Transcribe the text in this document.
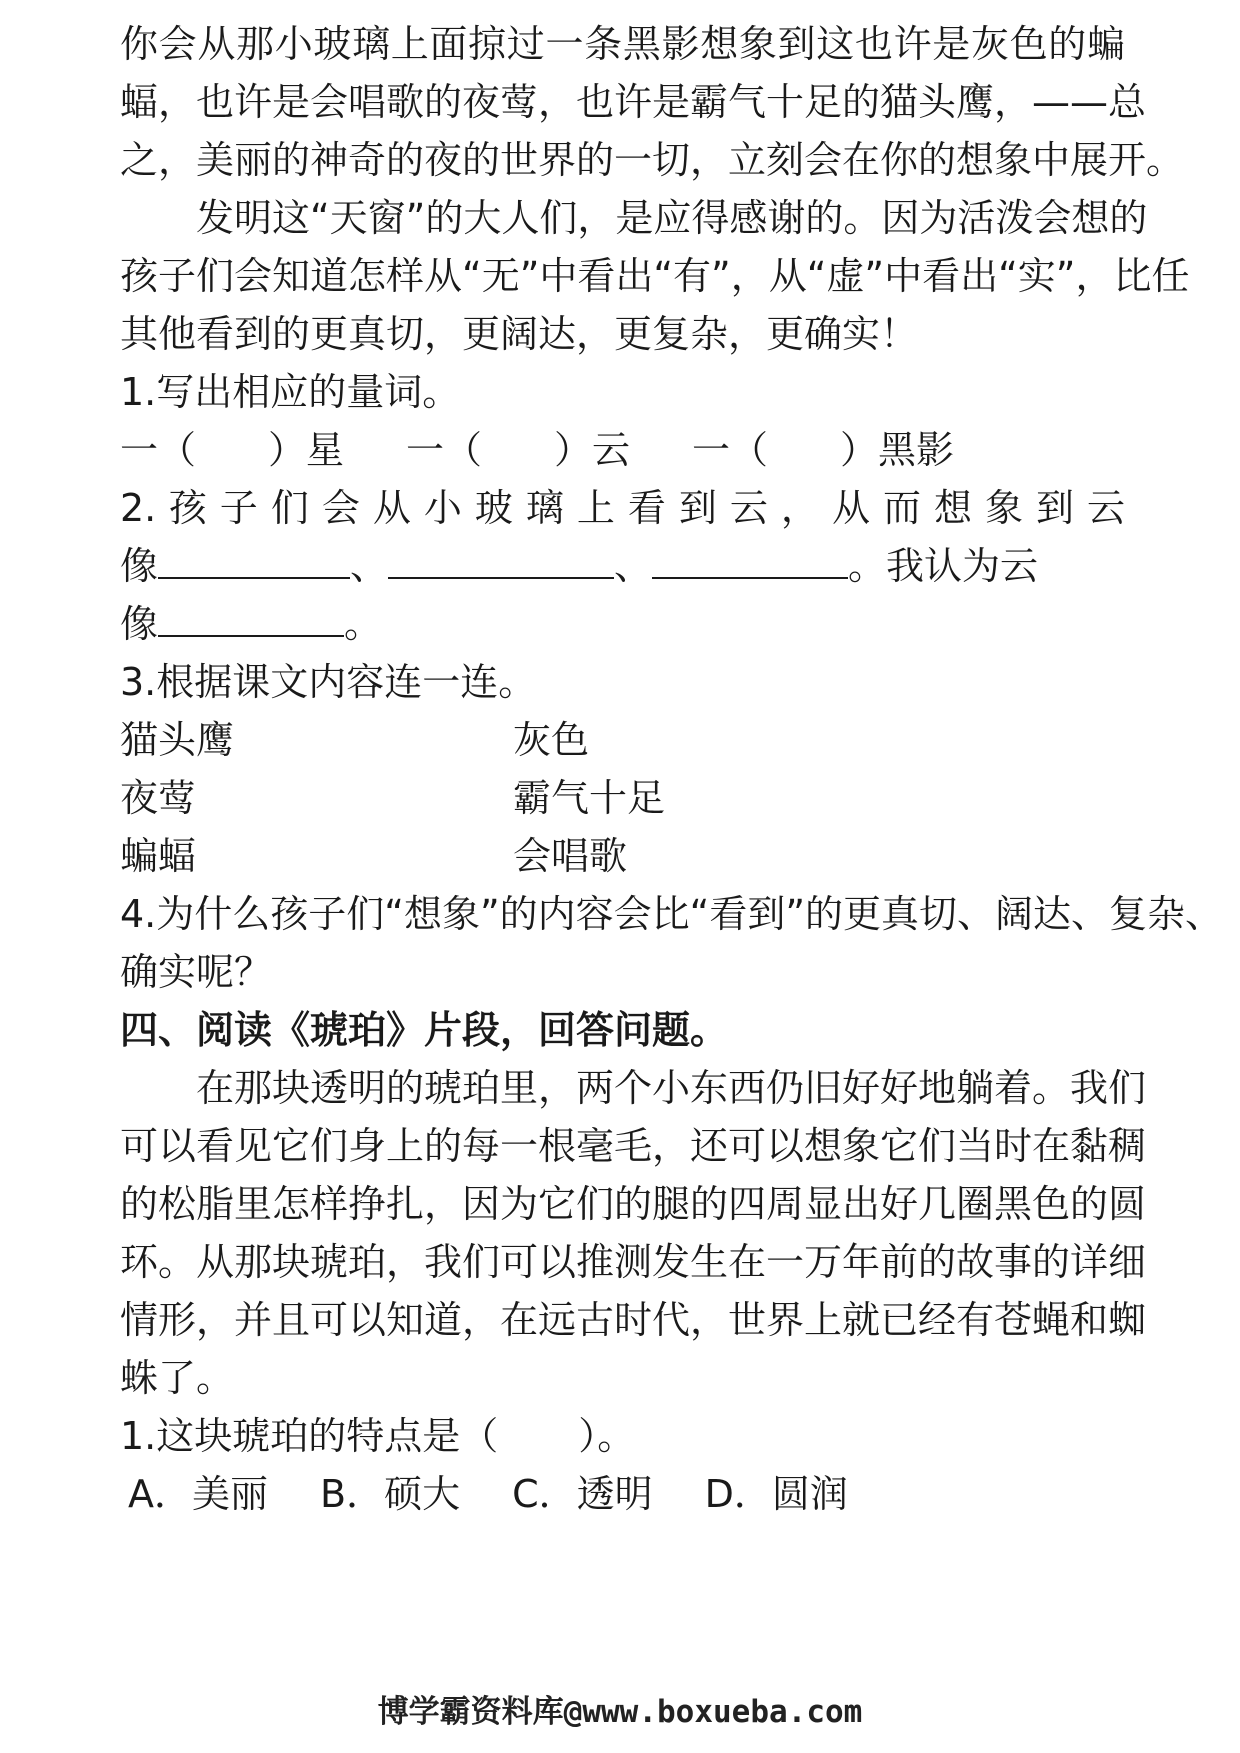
你会从那小玻璃上面掠过一条黑影想象到这也许是灰色的蝙
蝠，也许是会唱歌的夜莺，也许是霸气十足的猫头鹰，——总
之，美丽的神奇的夜的世界的一切，立刻会在你的想象中展开。
发明这“天窗”的大人们，是应得感谢的。因为活泼会想的
孩子们会知道怎样从“无”中看出“有”，从“虚”中看出“实”，比任
其他看到的更真切，更阔达，更复杂，更确实！
1.写出相应的量词。
一（ ）星 一（ ）云 一（ ）黑影
2. 孩 子 们 会 从 小 玻 璃 上 看 到 云 ， 从 而 想 象 到 云
像	、	、	。我认为云
像	。
3.根据课文内容连一连。
猫头鹰	灰色
夜莺	霸气十足
蝙蝠	会唱歌
4.为什么孩子们“想象”的内容会比“看到”的更真切、阔达、复杂、
确实呢？
四、阅读《琥珀》片段，回答问题。
在那块透明的琥珀里，两个小东西仍旧好好地躺着。我们
可以看见它们身上的每一根毫毛，还可以想象它们当时在黏稠
的松脂里怎样挣扎，因为它们的腿的四周显出好几圈黑色的圆
环。从那块琥珀，我们可以推测发生在一万年前的故事的详细
情形，并且可以知道，在远古时代，世界上就已经有苍蝇和蜘
蛛了。
1.这块琥珀的特点是（ ）。
A．美丽 B．硕大 C．透明 D．圆润
博学霸资料库@www.boxueba.com
